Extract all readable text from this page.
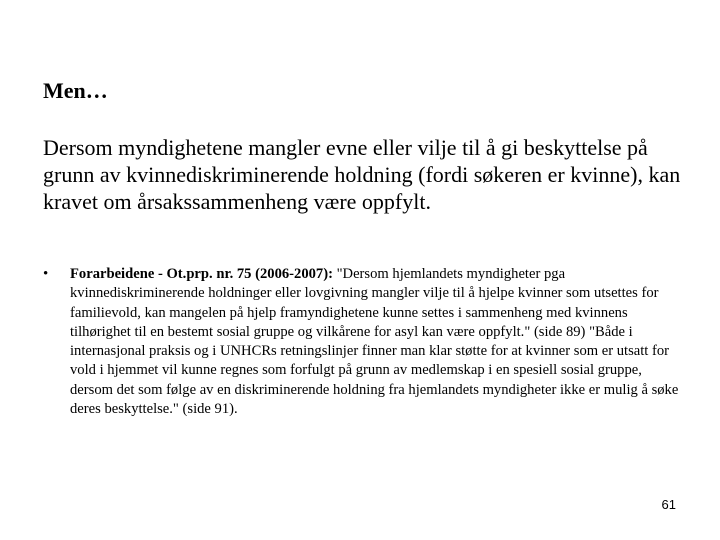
Men…
Dersom myndighetene mangler evne eller vilje til å gi beskyttelse på grunn av kvinnediskriminerende holdning (fordi søkeren er kvinne), kan kravet om årsakssammenheng være oppfylt.
• Forarbeidene - Ot.prp. nr. 75 (2006-2007): "Dersom hjemlandets myndigheter pga kvinnediskriminerende holdninger eller lovgivning mangler vilje til å hjelpe kvinner som utsettes for familievold, kan mangelen på hjelp framyndighetene kunne settes i sammenheng med kvinnens tilhørighet til en bestemt sosial gruppe og vilkårene for asyl kan være oppfylt." (side 89) "Både i internasjonal praksis og i UNHCRs retningslinjer finner man klar støtte for at kvinner som er utsatt for vold i hjemmet vil kunne regnes som forfulgt på grunn av medlemskap i en spesiell sosial gruppe, dersom det som følge av en diskriminerende holdning fra hjemlandets myndigheter ikke er mulig å søke deres beskyttelse." (side 91).
61
